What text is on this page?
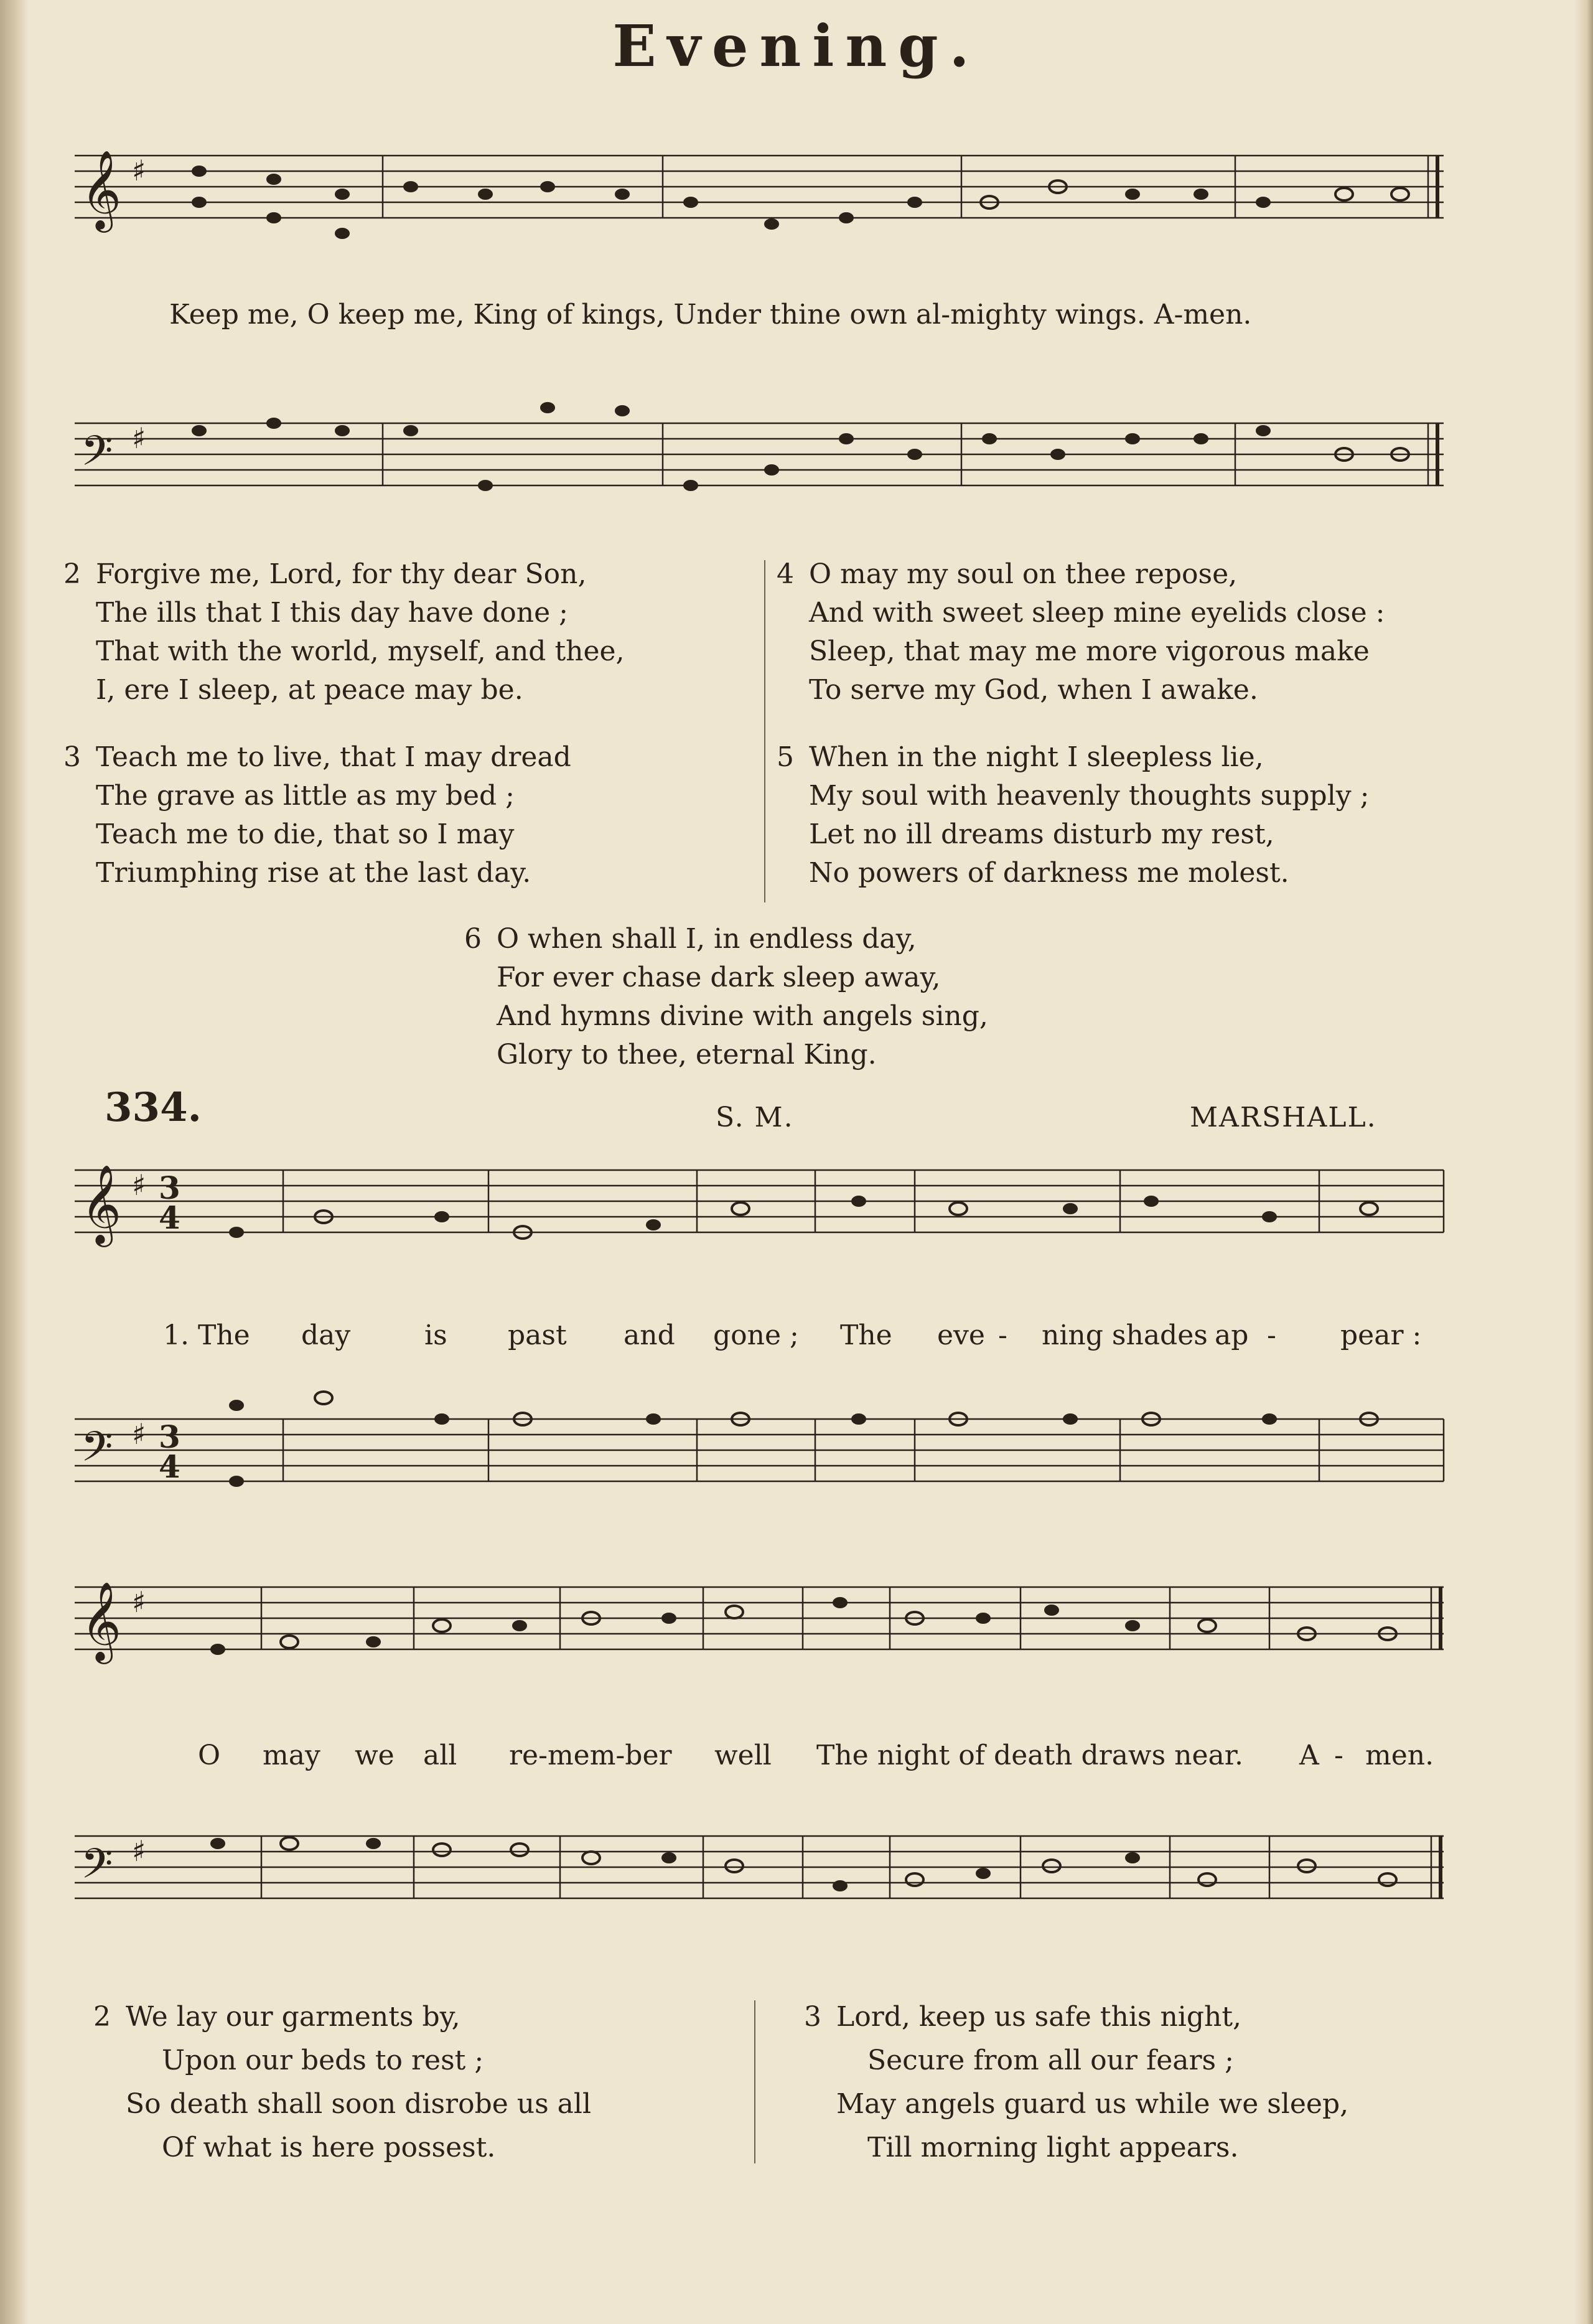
Evening.
𝄞 ♯
Keep me, O keep me, King of kings, Under thine own al-mighty wings. A-men.
𝄢 ♯
2 Forgive me, Lord, for thy dear Son,
The ills that I this day have done ;
That with the world, myself, and thee,
I, ere I sleep, at peace may be.
3 Teach me to live, that I may dread
The grave as little as my bed ;
Teach me to die, that so I may
Triumphing rise at the last day.
4 O may my soul on thee repose,
And with sweet sleep mine eyelids close :
Sleep, that may me more vigorous make
To serve my God, when I awake.
5 When in the night I sleepless lie,
My soul with heavenly thoughts supply ;
Let no ill dreams disturb my rest,
No powers of darkness me molest.
6 O when shall I, in endless day,
For ever chase dark sleep away,
And hymns divine with angels sing,
Glory to thee, eternal King.
334.	S. M.	MARSHALL.
𝄞 ♯ 3
4
1. The day	is past and gone ; The eve - ning shades ap - pear :
𝄢 ♯ 3
4
𝄞 ♯
O may we all re-mem-ber well The night of death draws near. A - men.
𝄢 ♯
2 We lay our garments by,
Upon our beds to rest ;
So death shall soon disrobe us all
Of what is here possest.
3 Lord, keep us safe this night,
Secure from all our fears ;
May angels guard us while we sleep,
Till morning light appears.
